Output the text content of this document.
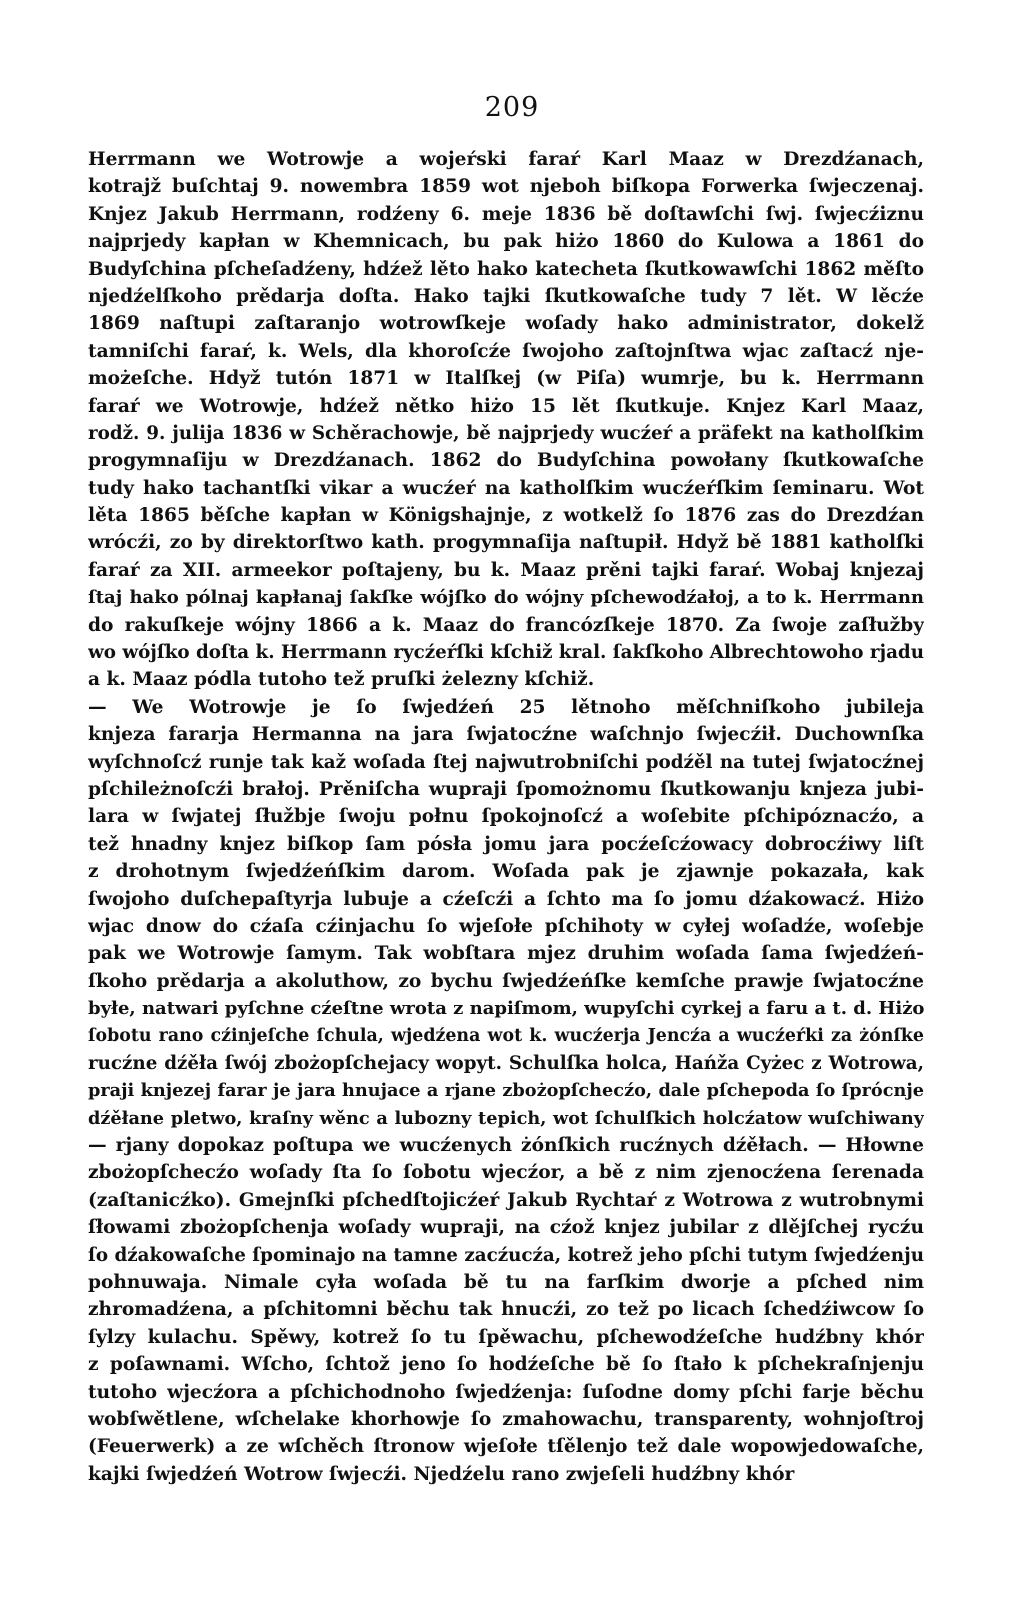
209
Herrmann we Wotrowje a wojeŕski faraŕ Karl Maaz w Drezdźanach,
kotrajž buſchtaj 9. nowembra 1859 wot njeboh biſkopa Forwerka ſwjeczenaj.
Knjez Jakub Herrmann, rodźeny 6. meje 1836 bě doſtawſchi ſwj. ſwjecźiznu
najprjedy kapłan w Khemnicach, bu pak hiżo 1860 do Kulowa a 1861 do
Budyſchina pſcheſadźeny, hdźež lěto hako katecheta ſkutkowawſchi 1862 měſto
njedźelſkoho prědarja doſta. Hako tajki ſkutkowaſche tudy 7 lět. W lěcźe
1869 naſtupi zaſtaranjo wotrowſkeje woſady hako administrator, dokelž
tamniſchi faraŕ, k. Wels, dla khoroſcźe ſwojoho zaſtojnſtwa wjac zaſtacź nje-
możeſche. Hdyž tutón 1871 w Italſkej (w Piſa) wumrje, bu k. Herrmann
faraŕ we Wotrowje, hdźež nětko hiżo 15 lět ſkutkuje. Knjez Karl Maaz,
rodž. 9. julija 1836 w Schěrachowje, bě najprjedy wucźeŕ a präfekt na katholſkim
progymnaſiju w Drezdźanach. 1862 do Budyſchina powołany ſkutkowaſche
tudy hako tachantſki vikar a wucźeŕ na katholſkim wucźeŕſkim ſeminaru. Wot
lěta 1865 běſche kapłan w Königshajnje, z wotkelž ſo 1876 zas do Drezdźan
wrócźi, zo by direktorſtwo kath. progymnaſija naſtupił. Hdyž bě 1881 katholſki
faraŕ za XII. armeekor poſtajeny, bu k. Maaz prěni tajki faraŕ. Wobaj knjezaj
ſtaj hako pólnaj kapłanaj ſakſke wójſko do wójny pſchewodźałoj, a to k. Herrmann
do rakuſkeje wójny 1866 a k. Maaz do francózſkeje 1870. Za ſwoje zaſłužby
wo wójſko doſta k. Herrmann rycźeŕſki kſchiž kral. ſakſkoho Albrechtowoho rjadu
a k. Maaz pódla tutoho tež pruſki żelezny kſchiž.
— We Wotrowje je ſo ſwjedźeń 25 lětnoho měſchniſkoho jubileja
knjeza fararja Hermanna na jara ſwjatocźne waſchnjo ſwjecźił. Duchownſka
wyſchnoſcź runje tak kaž woſada ſtej najwutrobniſchi podźěl na tutej ſwjatocźnej
pſchileżnoſcźi brałoj. Prěniſcha wupraji ſpomożnomu ſkutkowanju knjeza jubi-
lara w ſwjatej ſłužbje ſwoju połnu ſpokojnoſcź a woſebite pſchipóznacźo, a
tež hnadny knjez biſkop ſam pósła jomu jara pocźeſcźowacy dobrocźiwy liſt
z drohotnym ſwjedźeńſkim darom. Woſada pak je zjawnje pokazała, kak
ſwojoho duſchepaſtyrja lubuje a cźeſcźi a ſchto ma ſo jomu dźakowacź. Hiżo
wjac dnow do cźaſa cźinjachu ſo wjeſołe pſchihoty w cyłej woſadźe, woſebje
pak we Wotrowje ſamym. Tak wobſtara mjez druhim woſada ſama ſwjedźeń-
ſkoho prědarja a akoluthow, zo bychu ſwjedźeńſke kemſche prawje ſwjatocźne
byłe, natwari pyſchne cźeſtne wrota z napiſmom, wupyſchi cyrkej a faru a t. d. Hiżo
ſobotu rano cźinjeſche ſchula, wjedźena wot k. wucźerja Jencźa a wucźeŕki za żónſke
rucźne dźěła ſwój zbożopſchejacy wopyt. Schulſka holca, Hańža Cyżec z Wotrowa,
praji knjezej farar je jara hnujace a rjane zbożopſchecźo, dale pſchepoda ſo ſprócnje
dźěłane pletwo, kraſny wěnc a lubozny tepich, wot ſchulſkich holcźatow wuſchiwany
— rjany dopokaz poſtupa we wucźenych żónſkich rucźnych dźěłach. — Hłowne
zbożopſchecźo woſady ſta ſo ſobotu wjecźor, a bě z nim zjenocźena ſerenada
(zaſtanicźko). Gmejnſki pſchedſtojicźeŕ Jakub Rychtaŕ z Wotrowa z wutrobnymi
ſłowami zbożopſchenja woſady wupraji, na cźož knjez jubilar z dlějſchej rycźu
ſo dźakowaſche ſpominajo na tamne zacźucźa, kotrež jeho pſchi tutym ſwjedźenju
pohnuwaja. Nimale cyła woſada bě tu na farſkim dworje a pſched nim
zhromadźena, a pſchitomni běchu tak hnucźi, zo tež po licach ſchedźiwcow ſo
ſylzy kulachu. Spěwy, kotrež ſo tu ſpěwachu, pſchewodźeſche hudźbny khór
z poſawnami. Wſcho, ſchtož jeno ſo hodźeſche bě ſo ſtało k pſchekraſnjenju
tutoho wjecźora a pſchichodnoho ſwjedźenja: ſuſodne domy pſchi farje běchu
wobſwětlene, wſchelake khorhowje ſo zmahowachu, transparenty, wohnjoſtroj
(Feuerwerk) a ze wſchěch ſtronow wjeſołe tſělenjo tež dale wopowjedowaſche,
kajki ſwjedźeń Wotrow ſwjecźi. Njedźelu rano zwjeſeli hudźbny khór
